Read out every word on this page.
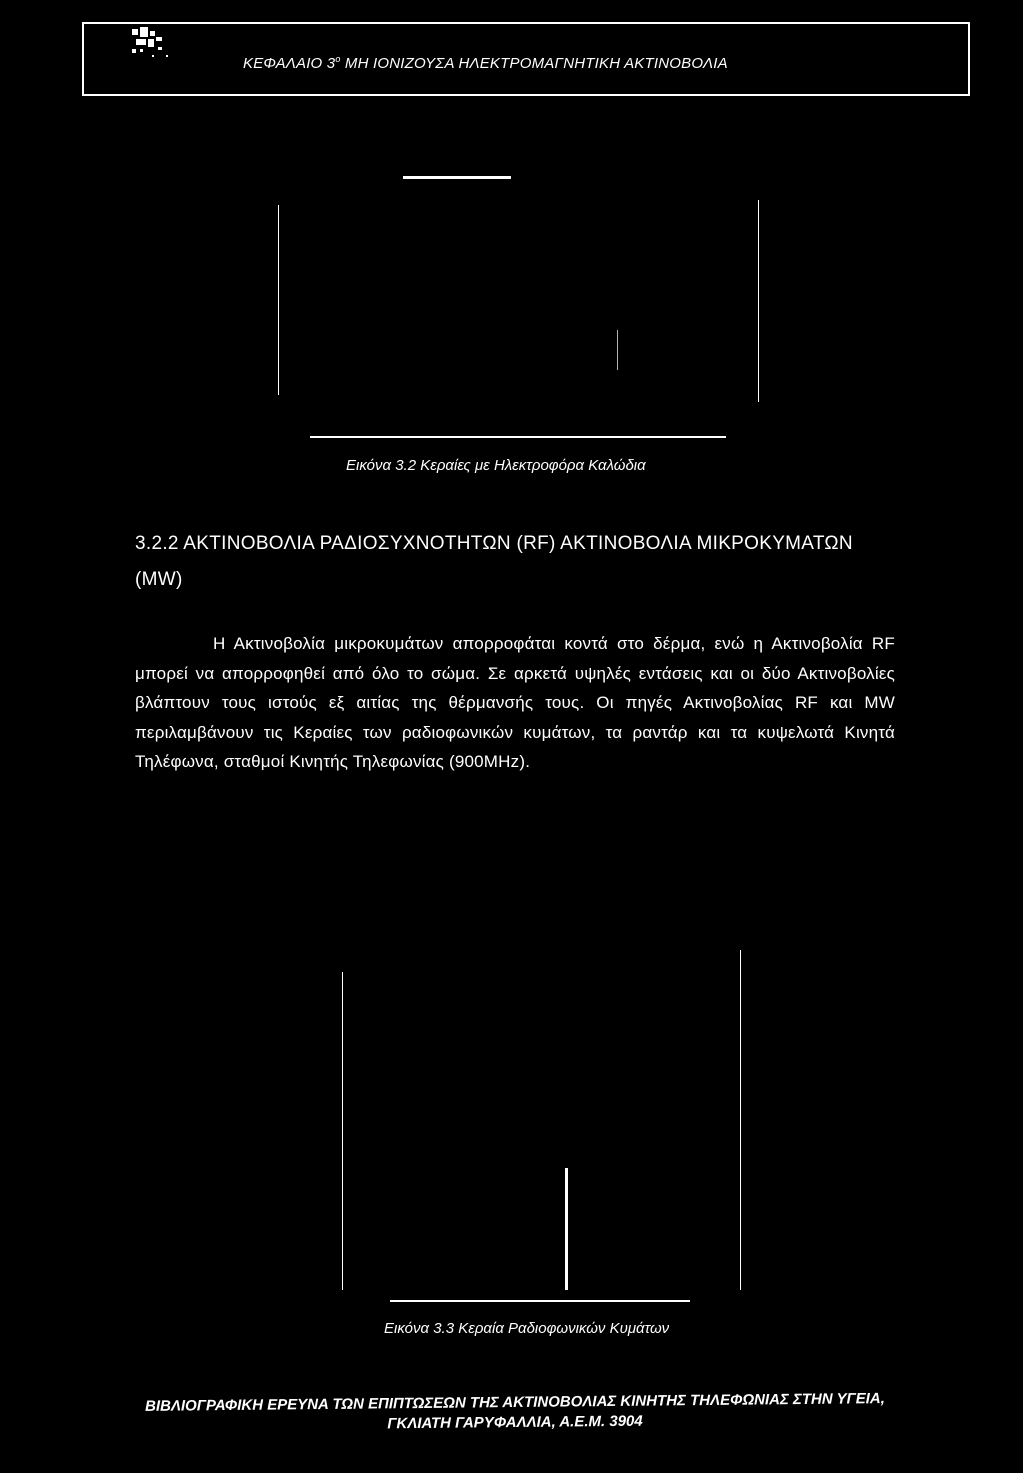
ΚΕΦΑΛΑΙΟ $3^o$ ΜΗ ΙΟΝΙΖΟΥΣΑ ΗΛΕΚΤΡΟΜΑΓΝΗΤΙΚΗ ΑΚΤΙΝΟΒΟΛΙΑ
Εικόνα 3.2 Κεραίες με Ηλεκτροφόρα Καλώδια
3.2.2 ΑΚΤΙΝΟΒΟΛΙΑ ΡΑΔΙΟΣΥΧΝΟΤΗΤΩΝ (RF) ΑΚΤΙΝΟΒΟΛΙΑ ΜΙΚΡΟΚΥΜΑΤΩΝ (MW)
Η Ακτινοβολία μικροκυμάτων απορροφάται κοντά στο δέρμα, ενώ η Ακτινοβολία RF μπορεί να απορροφηθεί από όλο το σώμα. Σε αρκετά υψηλές εντάσεις και οι δύο Ακτινοβολίες βλάπτουν τους ιστούς εξ αιτίας της θέρμανσής τους. Οι πηγές Ακτινοβολίας RF και MW περιλαμβάνουν τις Κεραίες των ραδιοφωνικών κυμάτων, τα ραντάρ και τα κυψελωτά Κινητά Τηλέφωνα, σταθμοί Κινητής Τηλεφωνίας (900MHz).
Εικόνα 3.3 Κεραία Ραδιοφωνικών Κυμάτων
ΒΙΒΛΙΟΓΡΑΦΙΚΗ ΕΡΕΥΝΑ ΤΩΝ ΕΠΙΠΤΩΣΕΩΝ ΤΗΣ ΑΚΤΙΝΟΒΟΛΙΑΣ ΚΙΝΗΤΗΣ ΤΗΛΕΦΩΝΙΑΣ ΣΤΗΝ ΥΓΕΙΑ,
ΓΚΛΙΑΤΗ ΓΑΡΥΦΑΛΛΙΑ, Α.Ε.Μ. 3904
